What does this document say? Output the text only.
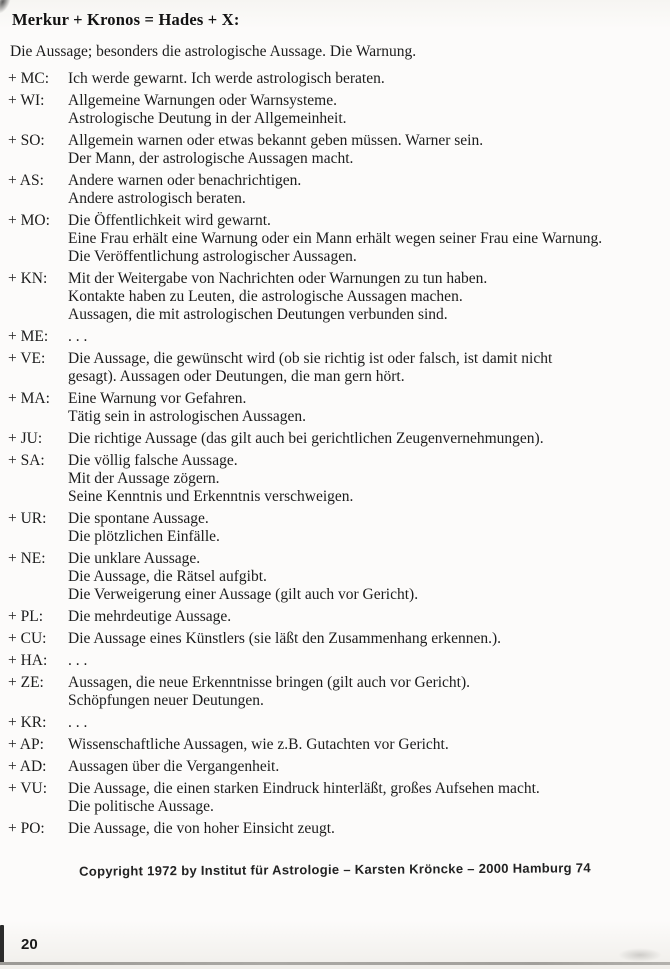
Merkur + Kronos = Hades + X:
Die Aussage; besonders die astrologische Aussage. Die Warnung.
+ MC:	Ich werde gewarnt. Ich werde astrologisch beraten.
+ WI:	Allgemeine Warnungen oder Warnsysteme.
Astrologische Deutung in der Allgemeinheit.
+ SO:	Allgemein warnen oder etwas bekannt geben müssen. Warner sein.
Der Mann, der astrologische Aussagen macht.
+ AS:	Andere warnen oder benachrichtigen.
Andere astrologisch beraten.
+ MO:	Die Öffentlichkeit wird gewarnt.
Eine Frau erhält eine Warnung oder ein Mann erhält wegen seiner Frau eine Warnung.
Die Veröffentlichung astrologischer Aussagen.
+ KN:	Mit der Weitergabe von Nachrichten oder Warnungen zu tun haben.
Kontakte haben zu Leuten, die astrologische Aussagen machen.
Aussagen, die mit astrologischen Deutungen verbunden sind.
+ ME:	. . .
+ VE:	Die Aussage, die gewünscht wird (ob sie richtig ist oder falsch, ist damit nicht
gesagt). Aussagen oder Deutungen, die man gern hört.
+ MA:	Eine Warnung vor Gefahren.
Tätig sein in astrologischen Aussagen.
+ JU:	Die richtige Aussage (das gilt auch bei gerichtlichen Zeugenvernehmungen).
+ SA:	Die völlig falsche Aussage.
Mit der Aussage zögern.
Seine Kenntnis und Erkenntnis verschweigen.
+ UR:	Die spontane Aussage.
Die plötzlichen Einfälle.
+ NE:	Die unklare Aussage.
Die Aussage, die Rätsel aufgibt.
Die Verweigerung einer Aussage (gilt auch vor Gericht).
+ PL:	Die mehrdeutige Aussage.
+ CU:	Die Aussage eines Künstlers (sie läßt den Zusammenhang erkennen.).
+ HA:	. . .
+ ZE:	Aussagen, die neue Erkenntnisse bringen (gilt auch vor Gericht).
Schöpfungen neuer Deutungen.
+ KR:	. . .
+ AP:	Wissenschaftliche Aussagen, wie z.B. Gutachten vor Gericht.
+ AD:	Aussagen über die Vergangenheit.
+ VU:	Die Aussage, die einen starken Eindruck hinterläßt, großes Aufsehen macht.
Die politische Aussage.
+ PO:	Die Aussage, die von hoher Einsicht zeugt.
Copyright 1972 by Institut für Astrologie – Karsten Kröncke – 2000 Hamburg 74
20
